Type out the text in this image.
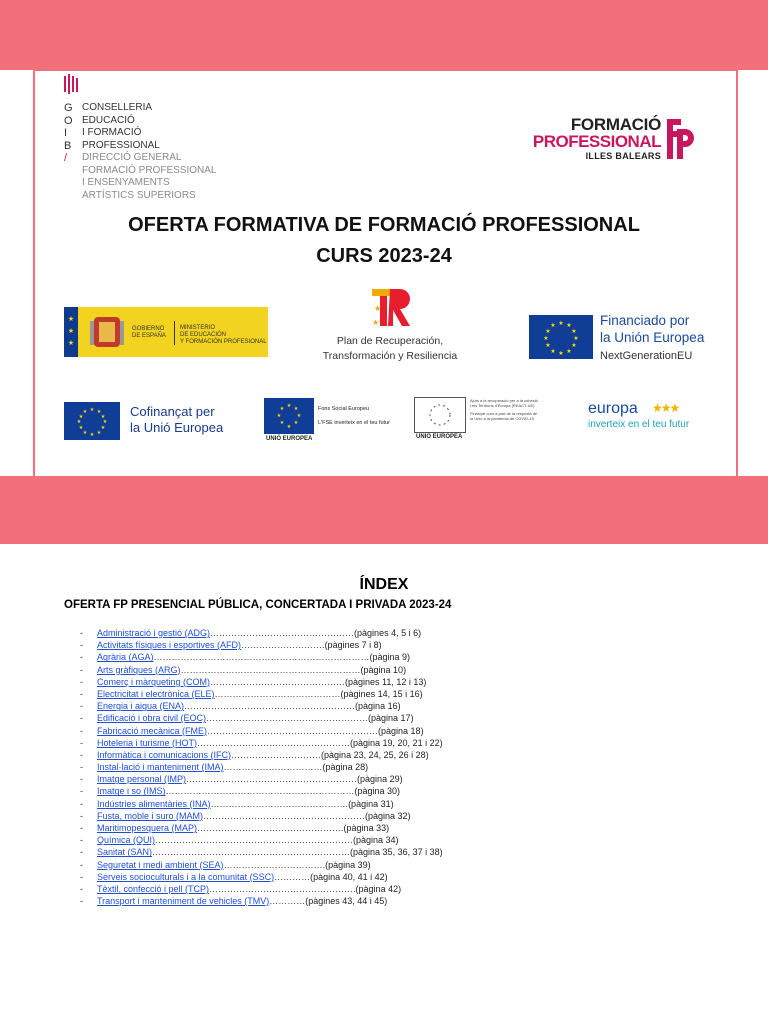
G
O
I
B
/
CONSELLERIA
EDUCACIÓ
I FORMACIÓ
PROFESSIONAL
DIRECCIÓ GENERAL
FORMACIÓ PROFESSIONAL
I ENSENYAMENTS
ARTÍSTICS SUPERIORS
FORMACIÓ
PROFESSIONAL
ILLES BALEARS
OFERTA FORMATIVA DE FORMACIÓ PROFESSIONAL
CURS 2023-24
★
★
★
GOBIERNO
DE ESPAÑA
MINISTERIO
DE EDUCACIÓN
Y FORMACIÓN PROFESIONAL
★
★
Plan de Recuperación,
Transformación y Resiliencia
★ ★
★
★
★
★
★
★
★
★
★
★	Financiado por
la Unión Europea
NextGenerationEU
★ ★
★
★
★
★
★
★
★
★
★
★	Cofinançat per
la Unió Europea
★ ★
★
★
★
★
★
★
UNIÓ EUROPEA
Fons Social Europeu
L'FSE inverteix en el teu futur
UNIÓ EUROPEA
Ajuts a la recuperació per a la cohesió
i els Territoris d'Europa (REACT-UE)
Finançat com a part de la resposta de
la Unió a la pandèmia de COVID-19
europa ★★★
inverteix en el teu futur
ÍNDEX
OFERTA FP PRESENCIAL PÚBLICA, CONCERTADA I PRIVADA 2023-24
-	Administració i gestió (ADG) ………………………………………… (pàgines 4, 5 i 6)
-	Activitats físiques i esportives (AFD) ………………………. (pàgines 7 i 8)
-	Agrària (AGA) ……………………………………………………………… (pàgina 9)
-	Arts gràfiques (ARG) …………………………………………………… (pàgina 10)
-	Comerç i màrqueting (COM) ……………………………………… (pàgines 11, 12 i 13)
-	Electricitat i electrònica (ELE) …………………………………… (pàgines 14, 15 i 16)
-	Energia i aigua (ENA) ………………………………………………… (pàgina 16)
-	Edificació i obra civil (EOC) ……………………………………………… (pàgina 17)
-	Fabricació mecànica (FME) ………………………………………………… (pàgina 18)
-	Hoteleria i turisme (HOT) …………………………………………… (pàgina 19, 20, 21 i 22)
-	Informàtica i comunicacions (IFC) ………………………… (pàgina 23, 24, 25, 26 i 28)
-	Instal·lació i manteniment (IMA) …………………………… (pàgina 28)
-	Imatge personal (IMP) ………………………………………………… (pàgina 29)
-	Imatge i so (IMS) ……………………………………………………… (pàgina 30)
-	Indústries alimentàries (INA) ………………………………………. (pàgina 31)
-	Fusta, moble i suro (MAM) ……………………………………………… (pàgina 32)
-	Maritimopesquera (MAP) …………………………………………. (pàgina 33)
-	Química (QUI) ………………………………………………………… (pàgina 34)
-	Sanitat (SAN) ………………………………………………………… (pàgina 35, 36, 37 i 38)
-	Seguretat i medi ambient (SEA) ……………………………. (pàgina 39)
-	Serveis socioculturals i a la comunitat (SSC) ………… (pàgina 40, 41 i 42)
-	Tèxtil, confecció i pell (TCP) …………………………………………. (pàgina 42)
-	Transport i manteniment de vehicles (TMV) ………… (pàgines 43, 44 i 45)
